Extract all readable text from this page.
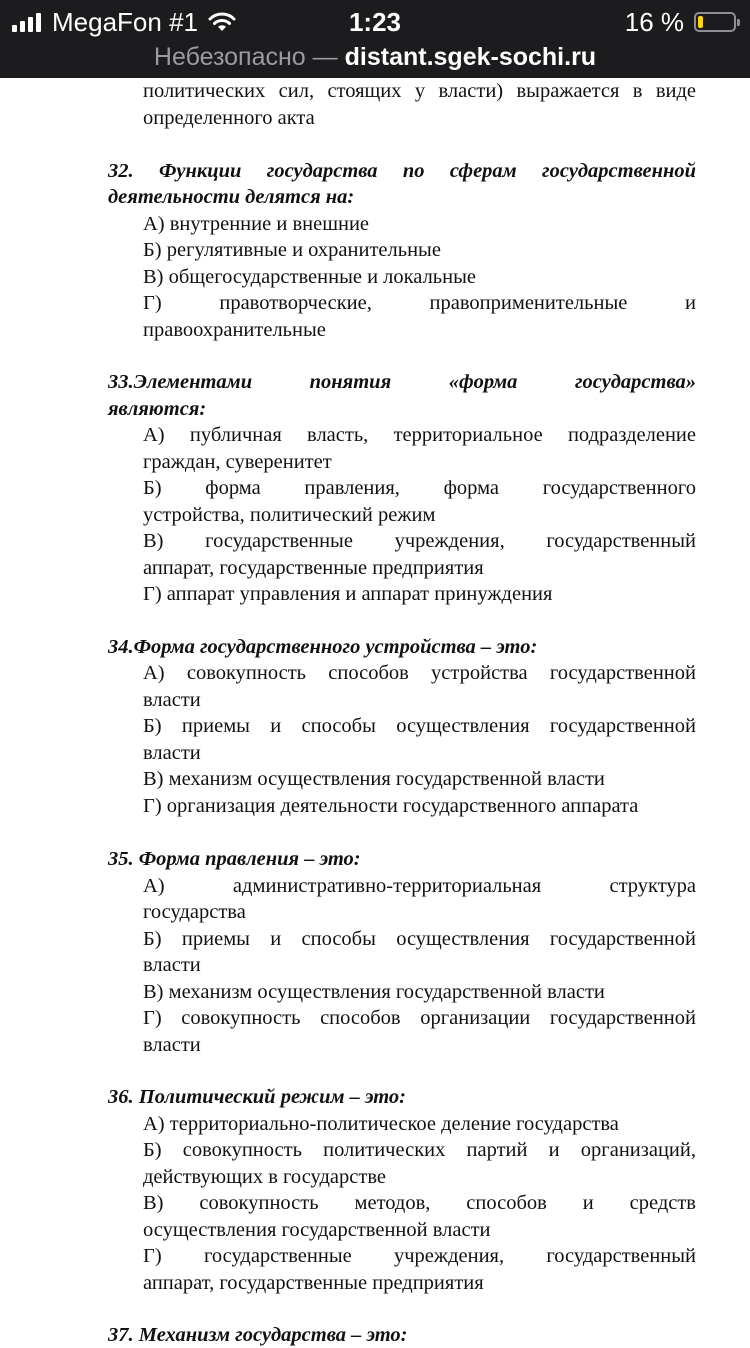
MegaFon #1	1:23	16 %
Небезопасно — distant.sgek-sochi.ru
политических сил, стоящих у власти) выражается в виде
определенного акта
32. Функции государства по сферам государственной
деятельности делятся на:
А) внутренние и внешние
Б) регулятивные и охранительные
В) общегосударственные и локальные
Г) правотворческие, правоприменительные и
правоохранительные
33.Элементами понятия «форма государства»
являются:
А) публичная власть, территориальное подразделение
граждан, суверенитет
Б) форма правления, форма государственного
устройства, политический режим
В) государственные учреждения, государственный
аппарат, государственные предприятия
Г) аппарат управления и аппарат принуждения
34.Форма государственного устройства – это:
А) совокупность способов устройства государственной
власти
Б) приемы и способы осуществления государственной
власти
В) механизм осуществления государственной власти
Г) организация деятельности государственного аппарата
35. Форма правления – это:
А) административно-территориальная структура
государства
Б) приемы и способы осуществления государственной
власти
В) механизм осуществления государственной власти
Г) совокупность способов организации государственной
власти
36. Политический режим – это:
А) территориально-политическое деление государства
Б) совокупность политических партий и организаций,
действующих в государстве
В) совокупность методов, способов и средств
осуществления государственной власти
Г) государственные учреждения, государственный
аппарат, государственные предприятия
37. Механизм государства – это:
